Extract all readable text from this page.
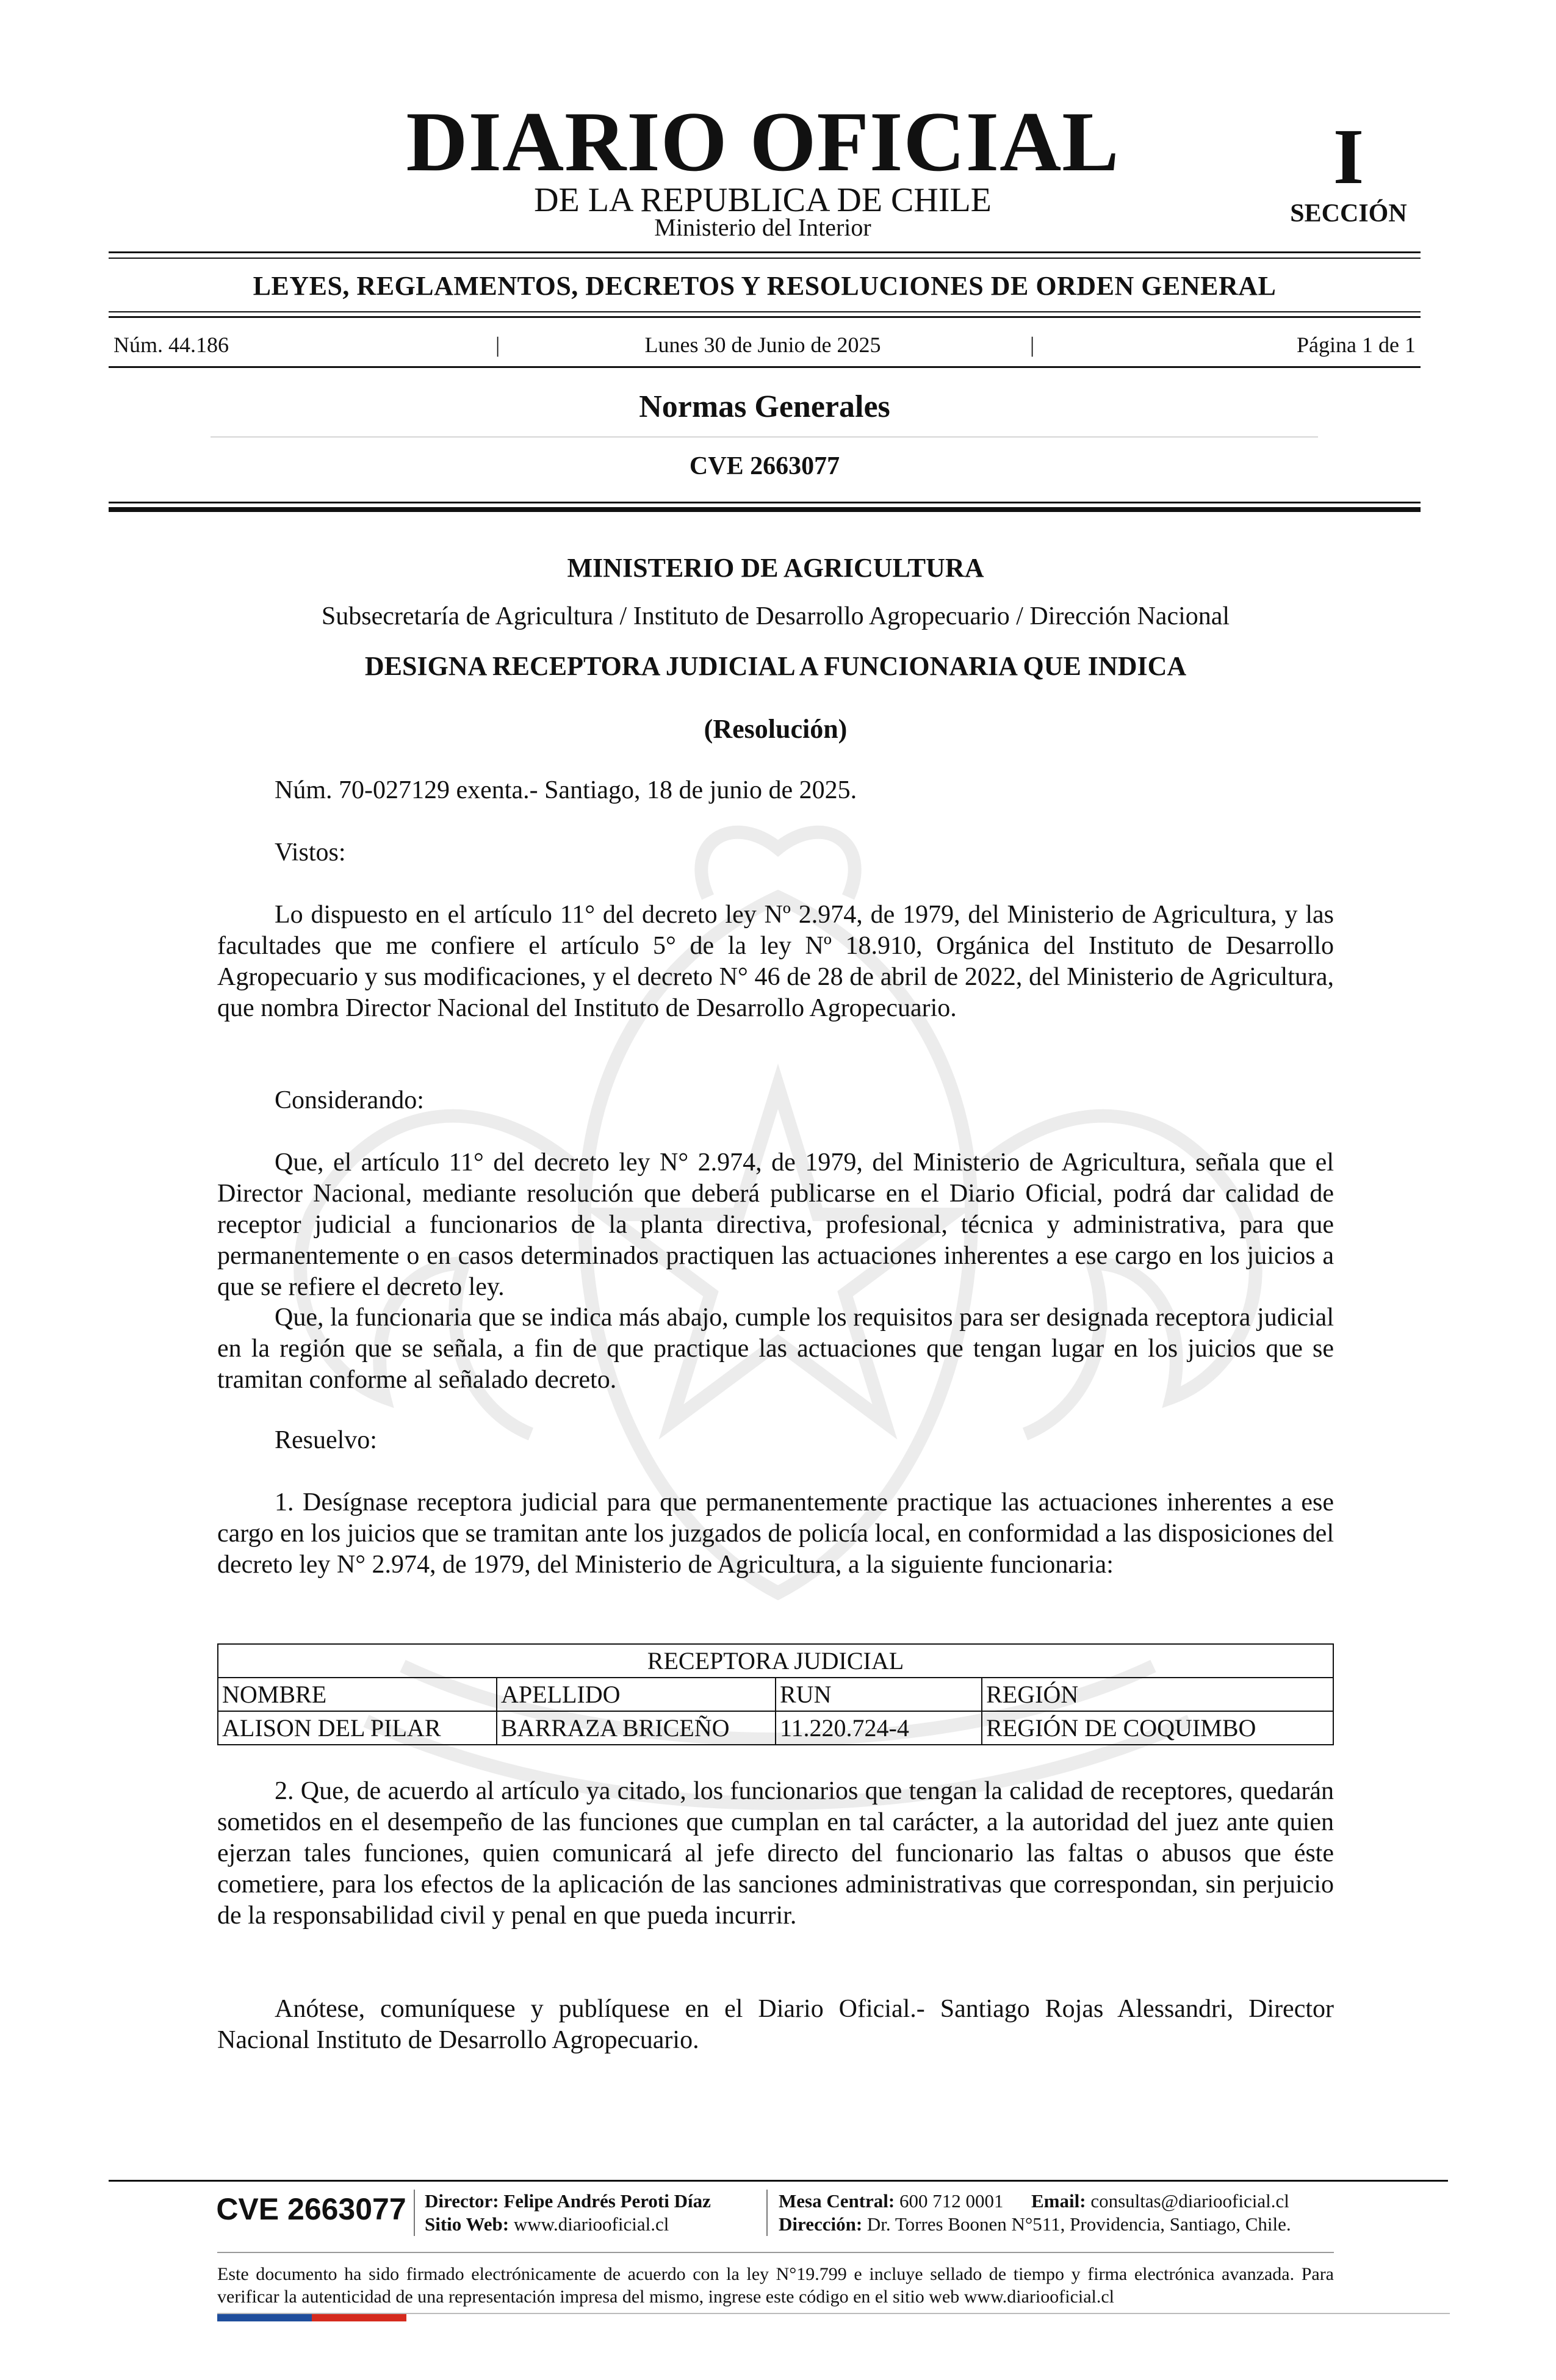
DIARIO OFICIAL
DE LA REPUBLICA DE CHILE
Ministerio del Interior
I
SECCIÓN
LEYES, REGLAMENTOS, DECRETOS Y RESOLUCIONES DE ORDEN GENERAL
Núm. 44.186	|	Lunes 30 de Junio de 2025	|	Página 1 de 1
Normas Generales
CVE 2663077
MINISTERIO DE AGRICULTURA
Subsecretaría de Agricultura / Instituto de Desarrollo Agropecuario / Dirección Nacional
DESIGNA RECEPTORA JUDICIAL A FUNCIONARIA QUE INDICA
(Resolución)
Núm. 70-027129 exenta.- Santiago, 18 de junio de 2025.
Vistos:
Lo dispuesto en el artículo 11° del decreto ley Nº 2.974, de 1979, del Ministerio de Agricultura, y las facultades que me confiere el artículo 5° de la ley Nº 18.910, Orgánica del Instituto de Desarrollo Agropecuario y sus modificaciones, y el decreto N° 46 de 28 de abril de 2022, del Ministerio de Agricultura, que nombra Director Nacional del Instituto de Desarrollo Agropecuario.
Considerando:
Que, el artículo 11° del decreto ley N° 2.974, de 1979, del Ministerio de Agricultura, señala que el Director Nacional, mediante resolución que deberá publicarse en el Diario Oficial, podrá dar calidad de receptor judicial a funcionarios de la planta directiva, profesional, técnica y administrativa, para que permanentemente o en casos determinados practiquen las actuaciones inherentes a ese cargo en los juicios a que se refiere el decreto ley.
Que, la funcionaria que se indica más abajo, cumple los requisitos para ser designada receptora judicial en la región que se señala, a fin de que practique las actuaciones que tengan lugar en los juicios que se tramitan conforme al señalado decreto.
Resuelvo:
1. Desígnase receptora judicial para que permanentemente practique las actuaciones inherentes a ese cargo en los juicios que se tramitan ante los juzgados de policía local, en conformidad a las disposiciones del decreto ley N° 2.974, de 1979, del Ministerio de Agricultura, a la siguiente funcionaria:
RECEPTORA JUDICIAL			
NOMBRE	APELLIDO	RUN	REGIÓN
ALISON DEL PILAR	BARRAZA BRICEÑO	11.220.724-4	REGIÓN DE COQUIMBO
2. Que, de acuerdo al artículo ya citado, los funcionarios que tengan la calidad de receptores, quedarán sometidos en el desempeño de las funciones que cumplan en tal carácter, a la autoridad del juez ante quien ejerzan tales funciones, quien comunicará al jefe directo del funcionario las faltas o abusos que éste cometiere, para los efectos de la aplicación de las sanciones administrativas que correspondan, sin perjuicio de la responsabilidad civil y penal en que pueda incurrir.
Anótese, comuníquese y publíquese en el Diario Oficial.- Santiago Rojas Alessandri, Director Nacional Instituto de Desarrollo Agropecuario.
CVE 2663077 Director: Felipe Andrés Peroti Díaz
Sitio Web: www.diariooficial.cl
Mesa Central: 600 712 0001 Email: consultas@diariooficial.cl
Dirección: Dr. Torres Boonen N°511, Providencia, Santiago, Chile.
Este documento ha sido firmado electrónicamente de acuerdo con la ley N°19.799 e incluye sellado de tiempo y firma electrónica avanzada. Para verificar la autenticidad de una representación impresa del mismo, ingrese este código en el sitio web www.diariooficial.cl
